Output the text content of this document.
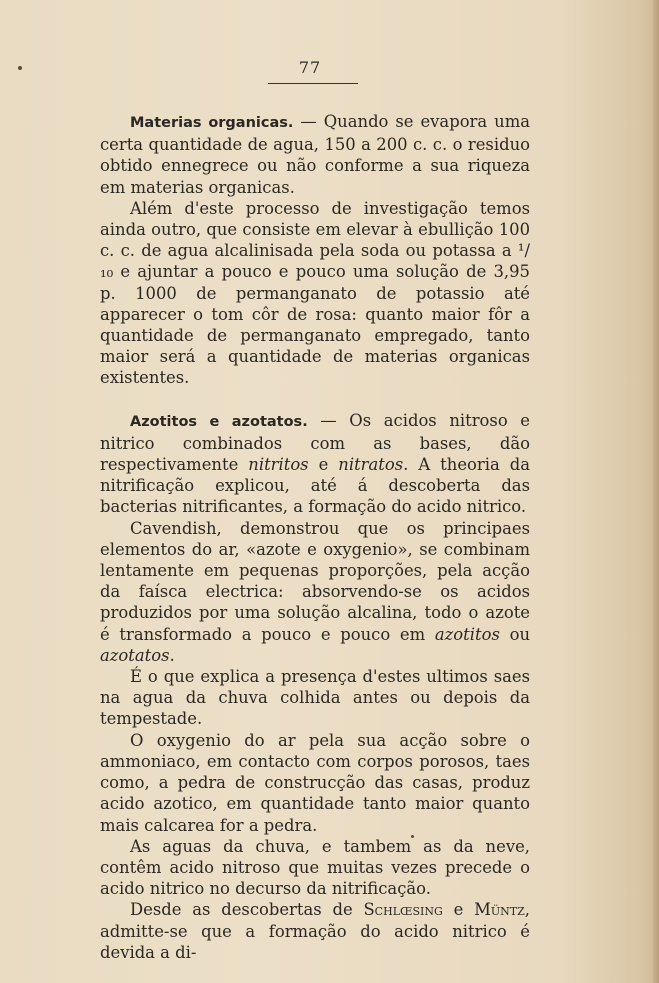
77

Materias organicas. — Quando se evapora uma certa quantidade de agua, 150 a 200 c. c. o residuo obtido ennegrece ou não conforme a sua riqueza em materias organicas.

Além d'este processo de investigação temos ainda outro, que consiste em elevar à ebullição 100 c. c. de agua alcalinisada pela soda ou potassa a ¹/₁₀ e ajuntar a pouco e pouco uma solução de 3,95 p. 1000 de permanganato de potassio até apparecer o tom côr de rosa: quanto maior fôr a quantidade de permanganato empregado, tanto maior será a quantidade de materias organicas existentes.

Azotitos e azotatos. — Os acidos nitroso e nitrico combinados com as bases, dão respectivamente nitritos e nitratos. A theoria da nitrificação explicou, até á descoberta das bacterias nitrificantes, a formação do acido nitrico.

Cavendish, demonstrou que os principaes elementos do ar, «azote e oxygenio», se combinam lentamente em pequenas proporções, pela acção da faísca electrica: absorvendo-se os acidos produzidos por uma solução alcalina, todo o azote é transformado a pouco e pouco em azotitos ou azotatos.

É o que explica a presença d'estes ultimos saes na agua da chuva colhida antes ou depois da tempestade.

O oxygenio do ar pela sua acção sobre o ammoniaco, em contacto com corpos porosos, taes como, a pedra de construcção das casas, produz acido azotico, em quantidade tanto maior quanto mais calcarea for a pedra.

As aguas da chuva, e tambem as da neve, contêm acido nitroso que muitas vezes precede o acido nitrico no decurso da nitrificação.

Desde as descobertas de Schlœsing e Müntz, admitte-se que a formação do acido nitrico é devida a di-
